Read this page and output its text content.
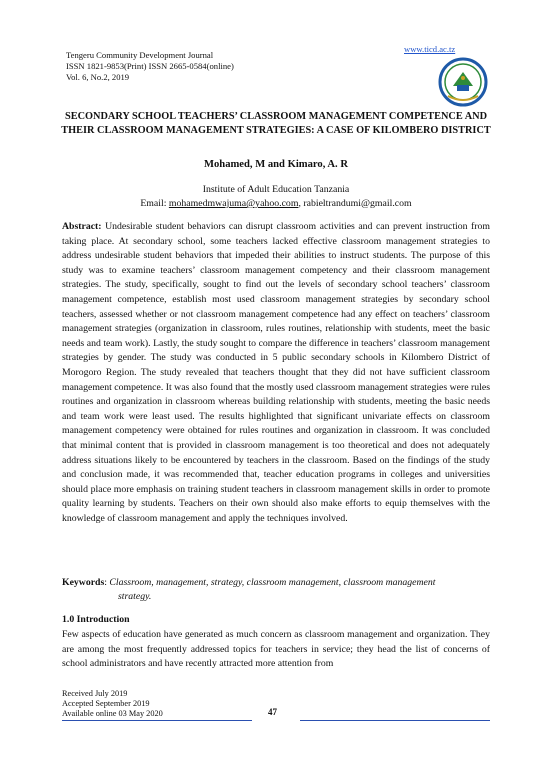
Tengeru Community Development Journal
ISSN 1821-9853(Print) ISSN 2665-0584(online)
Vol. 6, No.2, 2019
www.ticd.ac.tz
SECONDARY SCHOOL TEACHERS’ CLASSROOM MANAGEMENT COMPETENCE AND THEIR CLASSROOM MANAGEMENT STRATEGIES: A CASE OF KILOMBERO DISTRICT
Mohamed, M and Kimaro, A. R
Institute of Adult Education Tanzania
Email: mohamedmwajuma@yahoo.com, rabieltrandumi@gmail.com
Abstract: Undesirable student behaviors can disrupt classroom activities and can prevent instruction from taking place. At secondary school, some teachers lacked effective classroom management strategies to address undesirable student behaviors that impeded their abilities to instruct students. The purpose of this study was to examine teachers’ classroom management competency and their classroom management strategies. The study, specifically, sought to find out the levels of secondary school teachers’ classroom management competence, establish most used classroom management strategies by secondary school teachers, assessed whether or not classroom management competence had any effect on teachers’ classroom management strategies (organization in classroom, rules routines, relationship with students, meet the basic needs and team work). Lastly, the study sought to compare the difference in teachers’ classroom management strategies by gender. The study was conducted in 5 public secondary schools in Kilombero District of Morogoro Region. The study revealed that teachers thought that they did not have sufficient classroom management competence. It was also found that the mostly used classroom management strategies were rules routines and organization in classroom whereas building relationship with students, meeting the basic needs and team work were least used. The results highlighted that significant univariate effects on classroom management competency were obtained for rules routines and organization in classroom. It was concluded that minimal content that is provided in classroom management is too theoretical and does not adequately address situations likely to be encountered by teachers in the classroom. Based on the findings of the study and conclusion made, it was recommended that, teacher education programs in colleges and universities should place more emphasis on training student teachers in classroom management skills in order to promote quality learning by students. Teachers on their own should also make efforts to equip themselves with the knowledge of classroom management and apply the techniques involved.
Keywords: Classroom, management, strategy, classroom management, classroom management
strategy.
1.0 Introduction
Few aspects of education have generated as much concern as classroom management and organization. They are among the most frequently addressed topics for teachers in service; they head the list of concerns of school administrators and have recently attracted more attention from
Received July 2019
Accepted September 2019
Available online 03 May 2020	47
